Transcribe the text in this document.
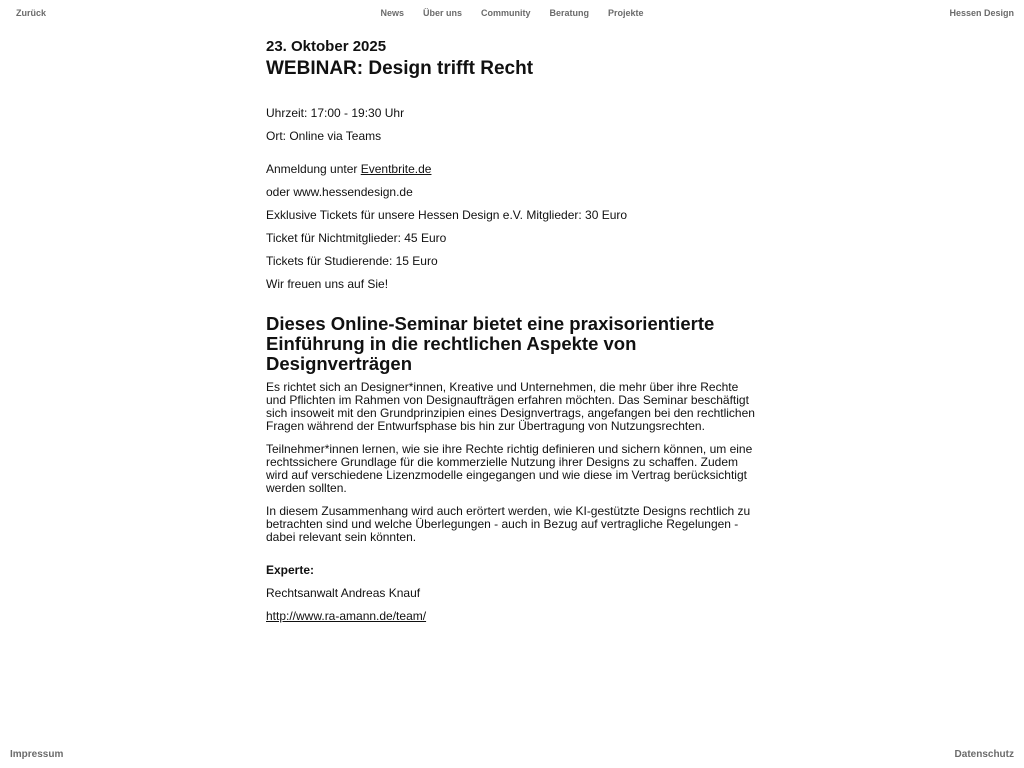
Zurück	News Über uns Community Beratung Projekte	Hessen Design
23. Oktober 2025
WEBINAR: Design trifft Recht

Uhrzeit: 17:00 - 19:30 Uhr

Ort: Online via Teams

Anmeldung unter Eventbrite.de

oder www.hessendesign.de

Exklusive Tickets für unsere Hessen Design e.V. Mitglieder: 30 Euro

Ticket für Nichtmitglieder: 45 Euro

Tickets für Studierende: 15 Euro

Wir freuen uns auf Sie!

Dieses Online-Seminar bietet eine praxisorientierte Einführung in die rechtlichen Aspekte von Designverträgen

Es richtet sich an Designer*innen, Kreative und Unternehmen, die mehr über ihre Rechte und Pflichten im Rahmen von Designaufträgen erfahren möchten. Das Seminar beschäftigt sich insoweit mit den Grundprinzipien eines Designvertrags, angefangen bei den rechtlichen Fragen während der Entwurfsphase bis hin zur Übertragung von Nutzungsrechten.

Teilnehmer*innen lernen, wie sie ihre Rechte richtig definieren und sichern können, um eine rechtssichere Grundlage für die kommerzielle Nutzung ihrer Designs zu schaffen. Zudem wird auf verschiedene Lizenzmodelle eingegangen und wie diese im Vertrag berücksichtigt werden sollten.

In diesem Zusammenhang wird auch erörtert werden, wie KI-gestützte Designs rechtlich zu betrachten sind und welche Überlegungen - auch in Bezug auf vertragliche Regelungen - dabei relevant sein könnten.

Experte:

Rechtsanwalt Andreas Knauf

http://www.ra-amann.de/team/

Impressum	Datenschutz
